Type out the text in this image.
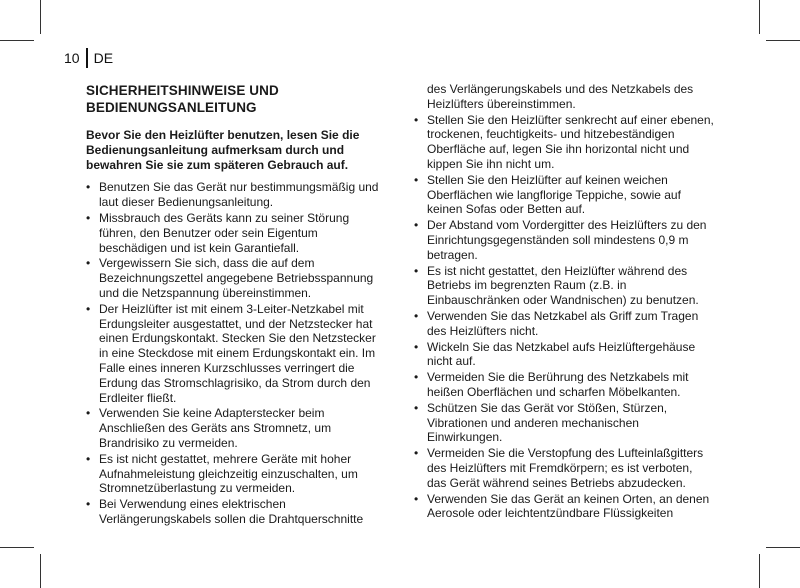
10 DE
SICHERHEITSHINWEISE UND BEDIENUNGSANLEITUNG
Bevor Sie den Heizlüfter benutzen, lesen Sie die Bedienungsanleitung aufmerksam durch und bewahren Sie sie zum späteren Gebrauch auf.
• Benutzen Sie das Gerät nur bestimmungsmäßig und laut dieser Bedienungsanleitung.
• Missbrauch des Geräts kann zu seiner Störung führen, den Benutzer oder sein Eigentum beschädigen und ist kein Garantiefall.
• Vergewissern Sie sich, dass die auf dem Bezeichnungszettel angegebene Betriebsspannung und die Netzspannung übereinstimmen.
• Der Heizlüfter ist mit einem 3-Leiter-Netzkabel mit Erdungsleiter ausgestattet, und der Netzstecker hat einen Erdungskontakt. Stecken Sie den Netzstecker in eine Steckdose mit einem Erdungskontakt ein. Im Falle eines inneren Kurzschlusses verringert die Erdung das Stromschlagrisiko, da Strom durch den Erdleiter fließt.
• Verwenden Sie keine Adapterstecker beim Anschließen des Geräts ans Stromnetz, um Brandrisiko zu vermeiden.
• Es ist nicht gestattet, mehrere Geräte mit hoher Aufnahmeleistung gleichzeitig einzuschalten, um Stromnetzüberlastung zu vermeiden.
• Bei Verwendung eines elektrischen Verlängerungskabels sollen die Drahtquerschnitte
des Verlängerungskabels und des Netzkabels des Heizlüfters übereinstimmen.
• Stellen Sie den Heizlüfter senkrecht auf einer ebenen, trockenen, feuchtigkeits- und hitzebeständigen Oberfläche auf, legen Sie ihn horizontal nicht und kippen Sie ihn nicht um.
• Stellen Sie den Heizlüfter auf keinen weichen Oberflächen wie langflorige Teppiche, sowie auf keinen Sofas oder Betten auf.
• Der Abstand vom Vordergitter des Heizlüfters zu den Einrichtungsgegenständen soll mindestens 0,9 m betragen.
• Es ist nicht gestattet, den Heizlüfter während des Betriebs im begrenzten Raum (z.B. in Einbauschränken oder Wandnischen) zu benutzen.
• Verwenden Sie das Netzkabel als Griff zum Tragen des Heizlüfters nicht.
• Wickeln Sie das Netzkabel aufs Heizlüftergehäuse nicht auf.
• Vermeiden Sie die Berührung des Netzkabels mit heißen Oberflächen und scharfen Möbelkanten.
• Schützen Sie das Gerät vor Stößen, Stürzen, Vibrationen und anderen mechanischen Einwirkungen.
• Vermeiden Sie die Verstopfung des Lufteinlaßgitters des Heizlüfters mit Fremdkörpern; es ist verboten, das Gerät während seines Betriebs abzudecken.
• Verwenden Sie das Gerät an keinen Orten, an denen Aerosole oder leichtentzündbare Flüssigkeiten
